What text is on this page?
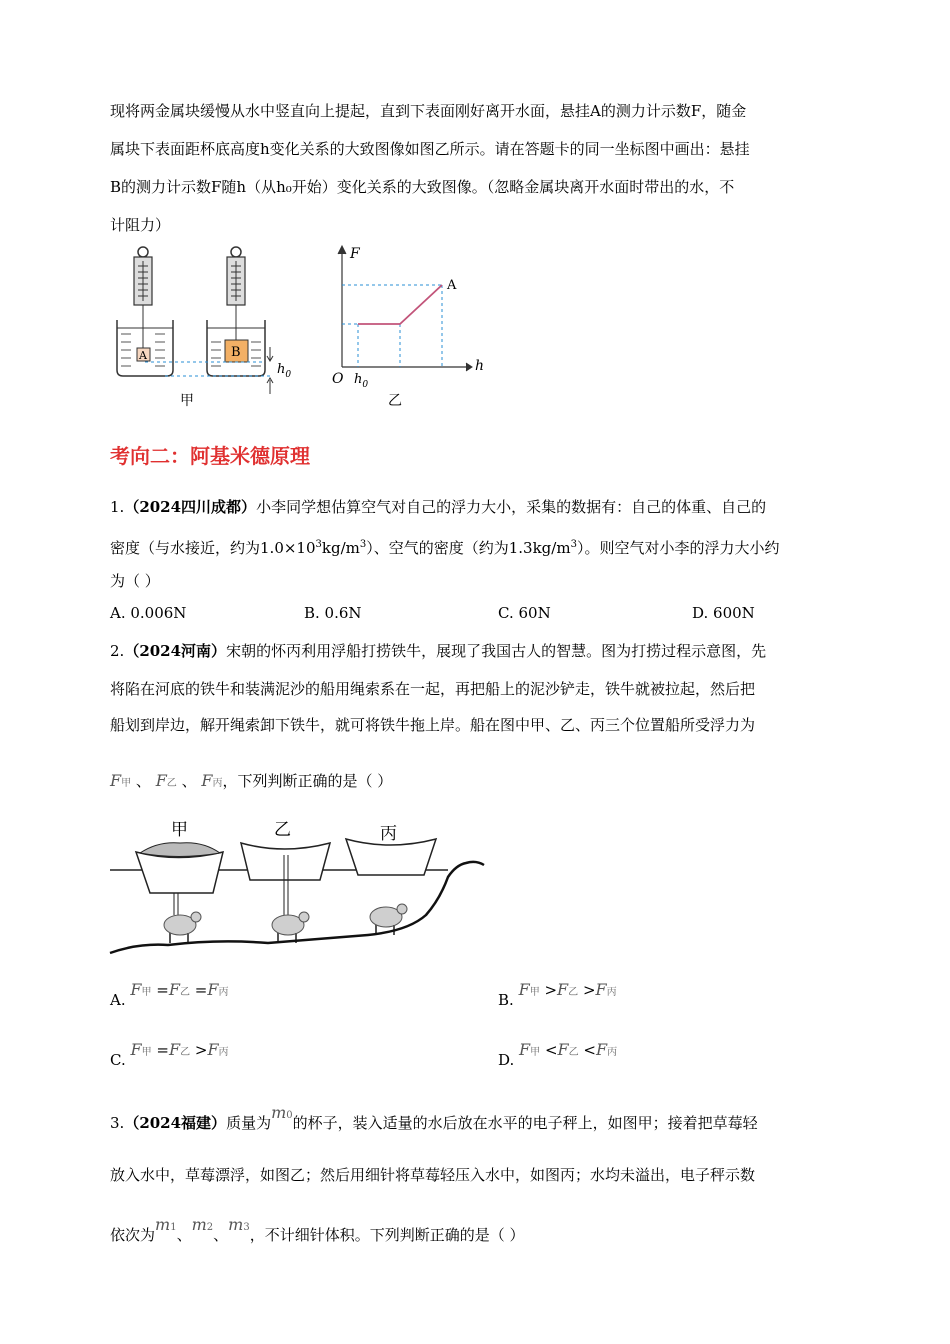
现将两金属块缓慢从水中竖直向上提起，直到下表面刚好离开水面，悬挂A的测力计示数F，随金
属块下表面距杯底高度h变化关系的大致图像如图乙所示。请在答题卡的同一坐标图中画出：悬挂
B的测力计示数F随h（从h₀开始）变化关系的大致图像。（忽略金属块离开水面时带出的水，不
计阻力）
A	B
$h_0$
甲
F
h
O $h_0$
A
乙
考向二：阿基米德原理
1.（2024四川成都）小李同学想估算空气对自己的浮力大小，采集的数据有：自己的体重、自己的
密度（与水接近，约为$1.0\times 10^3kg/m^3$）、空气的密度（约为$1.3kg/m^3$）。则空气对小李的浮力大小约
为（ ）
A. 0.006N	B. 0.6N	C. 60N	D. 600N
2.（2024河南）宋朝的怀丙利用浮船打捞铁牛，展现了我国古人的智慧。图为打捞过程示意图，先
将陷在河底的铁牛和装满泥沙的船用绳索系在一起，再把船上的泥沙铲走，铁牛就被拉起，然后把
船划到岸边，解开绳索卸下铁牛，就可将铁牛拖上岸。船在图中甲、乙、丙三个位置船所受浮力为
F甲 、 F乙 、 F丙，下列判断正确的是（ ）
甲	乙	丙
A. F甲 =F乙 =F丙	B. F甲 >F乙 >F丙
C. F甲 =F乙 >F丙	D. F甲 <F乙 <F丙
3.（2024福建）质量为m0的杯子，装入适量的水后放在水平的电子秤上，如图甲；接着把草莓轻
放入水中，草莓漂浮，如图乙；然后用细针将草莓轻压入水中，如图丙；水均未溢出，电子秤示数
依次为m1、m2、m3，不计细针体积。下列判断正确的是（ ）
